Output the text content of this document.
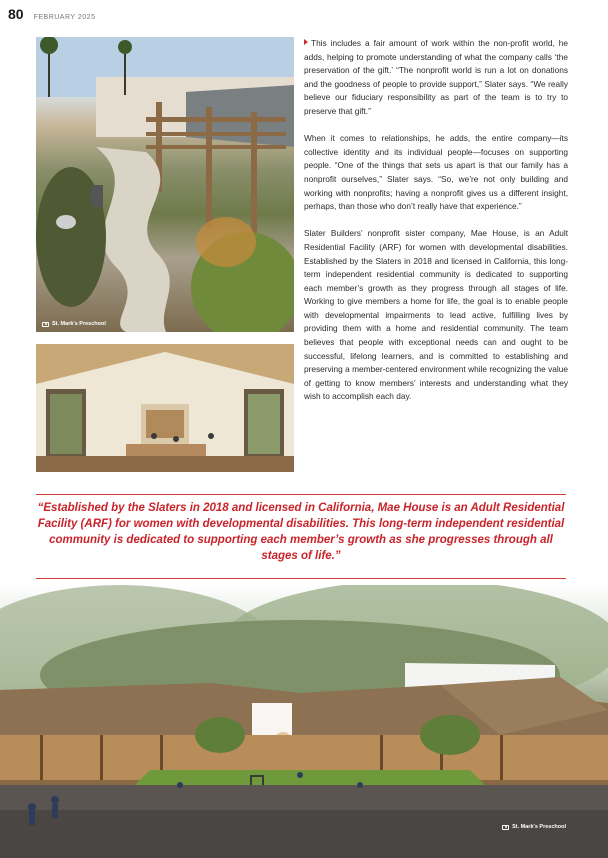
80 FEBRUARY 2025
St. Mark's Preschool

This includes a fair amount of work within the non-profit world, he adds, helping to promote understanding of what the company calls ‘the preservation of the gift.’ “The nonprofit world is run a lot on donations and the goodness of people to provide support,” Slater says. “We really believe our fiduciary responsibility as part of the team is to try to preserve that gift.”

When it comes to relationships, he adds, the entire company—its collective identity and its individual people—focuses on supporting people. “One of the things that sets us apart is that our family has a nonprofit ourselves,” Slater says. “So, we’re not only building and working with nonprofits; having a nonprofit gives us a different insight, perhaps, than those who don’t really have that experience.”

Slater Builders’ nonprofit sister company, Mae House, is an Adult Residential Facility (ARF) for women with developmental disabilities. Established by the Slaters in 2018 and licensed in California, this long-term independent residential community is dedicated to supporting each member’s growth as they progress through all stages of life. Working to give members a home for life, the goal is to enable people with developmental impairments to lead active, fulfilling lives by providing them with a home and residential community. The team believes that people with exceptional needs can and ought to be successful, lifelong learners, and is committed to establishing and preserving a member-centered environment while recognizing the value of getting to know members’ interests and understanding what they wish to accomplish each day.

“Established by the Slaters in 2018 and licensed in California, Mae House is an Adult Residential Facility (ARF) for women with developmental disabilities. This long-term independent residential community is dedicated to supporting each member’s growth as she progresses through all stages of life.”
St. Mark's Preschool
